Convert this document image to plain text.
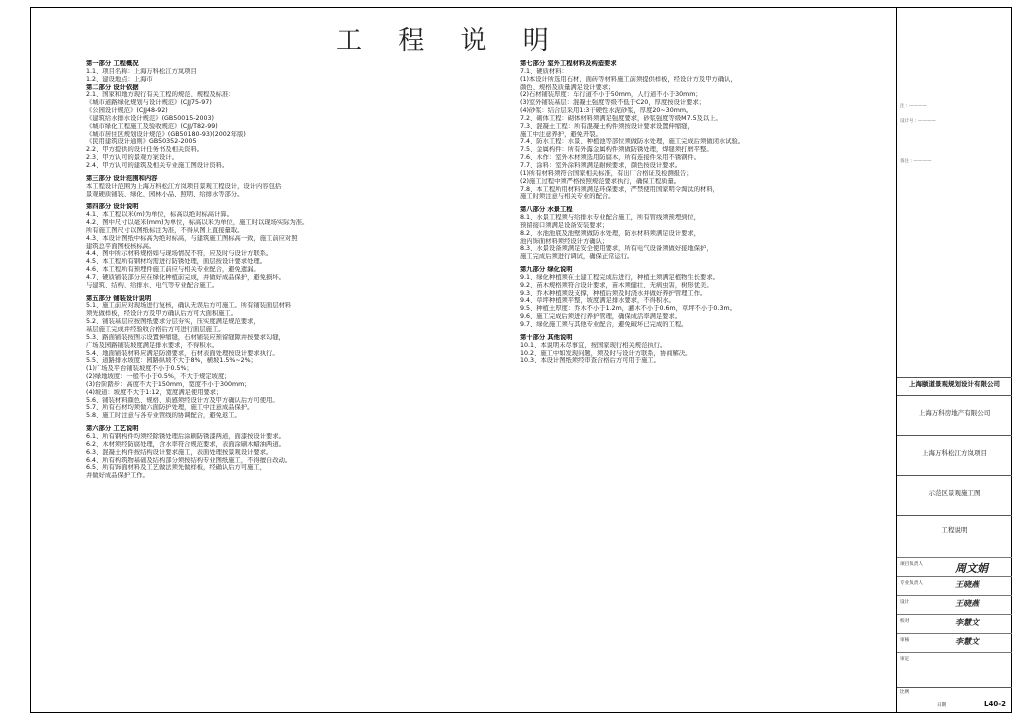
工 程 说 明
第一部分 工程概况
1.1、项目名称：上海万科松江方岚项目
1.2、建设地点：上海市
第二部分 设计依据
2.1、国家和地方现行有关工程的规范、规程及标准：
《城市道路绿化规划与设计规范》(CJJ75-97)
《公园设计规范》(CJJ48-92)
《建筑给水排水设计规范》(GB50015-2003)
《城市绿化工程施工及验收规范》(CJJ/T82-99)
《城市居住区规划设计规范》(GB50180-93)(2002年版)
《民用建筑设计通则》GB50352-2005
2.2、甲方提供的设计任务书及相关资料。
2.3、甲方认可的景观方案设计。
2.4、甲方认可的建筑及相关专业施工图设计资料。
第三部分 设计范围和内容
本工程设计范围为上海万科松江方岚项目景观工程设计，设计内容包括
景观硬质铺装、绿化、园林小品、照明、给排水等部分。
第四部分 设计说明
4.1、本工程以米(m)为单位，标高以绝对标高计算。
4.2、图中尺寸以毫米(mm)为单位，标高以米为单位，施工时以现场实际为准。
所有施工图尺寸以图纸标注为准，不得从图上直接量取。
4.3、本设计图纸中标高为绝对标高，与建筑施工图标高一致，施工前应对照
建筑总平面图校核标高。
4.4、图中所示材料规格如与现场情况不符，应及时与设计方联系。
4.5、本工程所有钢材均需进行防锈处理，面层按设计要求处理。
4.6、本工程所有预埋件施工前应与相关专业配合，避免遗漏。
4.7、硬质铺装部分应在绿化种植前完成，并做好成品保护，避免损坏。
与建筑、结构、给排水、电气等专业配合施工。
第五部分 铺装设计说明
5.1、施工前应对现场进行复核，确认无误后方可施工。所有铺装面层材料
须先做样板，经设计方及甲方确认后方可大面积施工。
5.2、铺装基层应按图纸要求分层夯实，压实度满足规范要求，
基层施工完成并经验收合格后方可进行面层施工。
5.3、路面铺装按图示设置伸缩缝，石材铺装应预留缝隙并按要求勾缝，
广场及园路铺装坡度满足排水要求，不得积水。
5.4、地面铺装材料应满足防滑要求，石材表面处理按设计要求执行。
5.5、道路排水坡度：园路纵坡不大于8%，横坡1.5%~2%；
(1)广场及平台铺装坡度不小于0.5%；
(2)绿地坡度：一般不小于0.5%，不大于规定坡度；
(3)台阶踏步：高度不大于150mm，宽度不小于300mm；
(4)坡道：坡度不大于1:12，宽度满足使用要求；
5.6、铺装材料颜色、规格、质感须经设计方及甲方确认后方可使用。
5.7、所有石材均须做六面防护处理，施工中注意成品保护。
5.8、施工时注意与各专业管线的协调配合，避免返工。
第六部分 工艺说明
6.1、所有钢构件均须经除锈处理后涂刷防锈漆两道，面漆按设计要求。
6.2、木材须经防腐处理，含水率符合规范要求，表面涂刷木蜡油两道。
6.3、混凝土构件按结构设计要求施工，表面处理按景观设计要求。
6.4、所有构筑物基础及结构部分须按结构专业图纸施工，不得擅自改动。
6.5、所有饰面材料及工艺做法须先做样板，经确认后方可施工，
并做好成品保护工作。
第七部分 室外工程材料及构造要求
7.1、硬质材料：
(1)本设计所选用石材、面砖等材料施工前须提供样板，经设计方及甲方确认，
颜色、规格及质量满足设计要求；
(2)石材铺装厚度：车行道不小于50mm，人行道不小于30mm；
(3)室外铺装基层：混凝土强度等级不低于C20，厚度按设计要求；
(4)砂浆：结合层采用1:3干硬性水泥砂浆，厚度20~30mm。
7.2、砌体工程：砌体材料须满足强度要求，砂浆强度等级M7.5及以上。
7.3、混凝土工程：所有混凝土构件须按设计要求设置伸缩缝，
施工中注意养护，避免开裂。
7.4、防水工程：水景、种植池等部位须做防水处理，施工完成后须做闭水试验。
7.5、金属构件：所有外露金属构件须做防锈处理，焊缝须打磨平整。
7.6、木作：室外木材须选用防腐木，所有连接件采用不锈钢件。
7.7、涂料：室外涂料须满足耐候要求，颜色按设计要求。
(1)所有材料须符合国家相关标准，有出厂合格证及检测报告；
(2)施工过程中须严格按照规范要求执行，确保工程质量。
7.8、本工程所用材料须满足环保要求，严禁使用国家明令淘汰的材料，
施工时须注意与相关专业的配合。
第八部分 水景工程
8.1、水景工程须与给排水专业配合施工，所有管线须预埋到位，
预留接口须满足设备安装要求；
8.2、水池池底及池壁须做防水处理，防水材料须满足设计要求，
池内饰面材料须经设计方确认；
8.3、水景设备须满足安全使用要求，所有电气设备须做好接地保护，
施工完成后须进行调试，确保正常运行。
第九部分 绿化说明
9.1、绿化种植须在土建工程完成后进行，种植土须满足植物生长要求。
9.2、苗木规格须符合设计要求，苗木须健壮、无病虫害，树形优美。
9.3、乔木种植须设支撑，种植后须及时浇水并做好养护管理工作。
9.4、草坪种植须平整，坡度满足排水要求，不得积水。
9.5、种植土厚度：乔木不小于1.2m，灌木不小于0.6m，草坪不小于0.3m。
9.6、施工完成后须进行养护管理，确保成活率满足要求。
9.7、绿化施工须与其他专业配合，避免破坏已完成的工程。
第十部分 其他说明
10.1、本说明未尽事宜，按国家现行相关规范执行。
10.2、施工中如发现问题，须及时与设计方联系，协商解决。
10.3、本设计图纸须经审查合格后方可用于施工。
注 : ————
设计号 : ————
备注 : ————
上海颐道景观规划设计有限公司
上海万科房地产有限公司
上海万科松江方岚项目
示范区景观施工图
工程说明
项目负责人	周文娟
专业负责人	王晓燕
设计	王晓燕
校对	李慧文
审核	李慧文
审定
比例
日期	L40-2
